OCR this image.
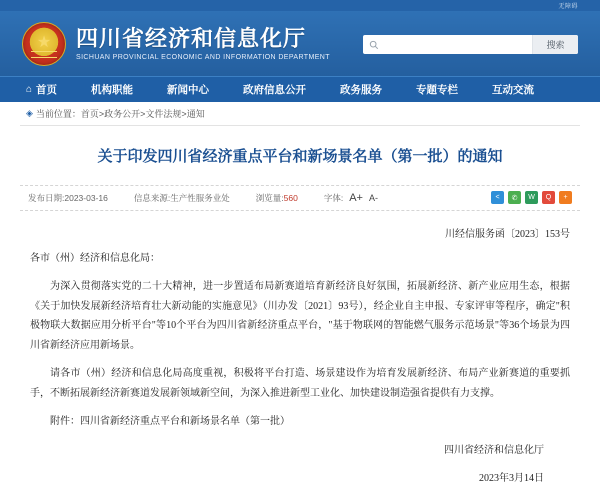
无障碍
★
四川省经济和信息化厅
SICHUAN PROVINCIAL ECONOMIC AND INFORMATION DEPARTMENT
搜索
⌂ 首页	机构职能	新闻中心	政府信息公开	政务服务	专题专栏	互动交流
◈ 当前位置：首页>政务公开>文件法规>通知
关于印发四川省经济重点平台和新场景名单（第一批）的通知
发布日期:2023-03-16	信息来源:生产性服务业处	浏览量:560	字体: A+ A-	<	✆	W	Q	+
川经信服务函〔2023〕153号

各市（州）经济和信息化局：

为深入贯彻落实党的二十大精神，进一步置适布局新赛道培育新经济良好氛围，拓展新经济、新产业应用生态，根据《关于加快发展新经济培育壮大新动能的实施意见》（川办发〔2021〕93号），经企业自主申报、专家评审等程序，确定"积极物联大数据应用分析平台"等10个平台为四川省新经济重点平台，"基于物联网的智能燃气服务示范场景"等36个场景为四川省新经济应用新场景。

请各市（州）经济和信息化局高度重视，积极将平台打造、场景建设作为培育发展新经济、布局产业新赛道的重要抓手，不断拓展新经济新赛道发展新领域新空间，为深入推进新型工业化、加快建设制造强省提供有力支撑。

附件：四川省新经济重点平台和新场景名单（第一批）

四川省经济和信息化厅

2023年3月14日
